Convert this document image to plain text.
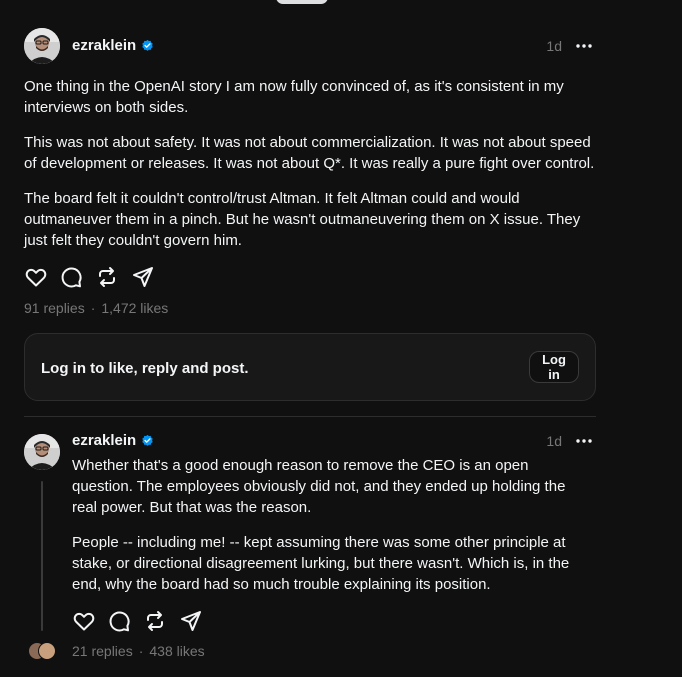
ezraklein	1d

One thing in the OpenAI story I am now fully convinced of, as it's consistent in my interviews on both sides.

This was not about safety. It was not about commercialization. It was not about speed of development or releases. It was not about Q*. It was really a pure fight over control.

The board felt it couldn't control/trust Altman. It felt Altman could and would outmaneuver them in a pinch. But he wasn't outmaneuvering them on X issue. They just felt they couldn't govern him.

91 replies · 1,472 likes
Log in to like, reply and post.
Log in
ezraklein	1d

Whether that's a good enough reason to remove the CEO is an open question. The employees obviously did not, and they ended up holding the real power. But that was the reason.

People -- including me! -- kept assuming there was some other principle at stake, or directional disagreement lurking, but there wasn't. Which is, in the end, why the board had so much trouble explaining its position.

21 replies · 438 likes
